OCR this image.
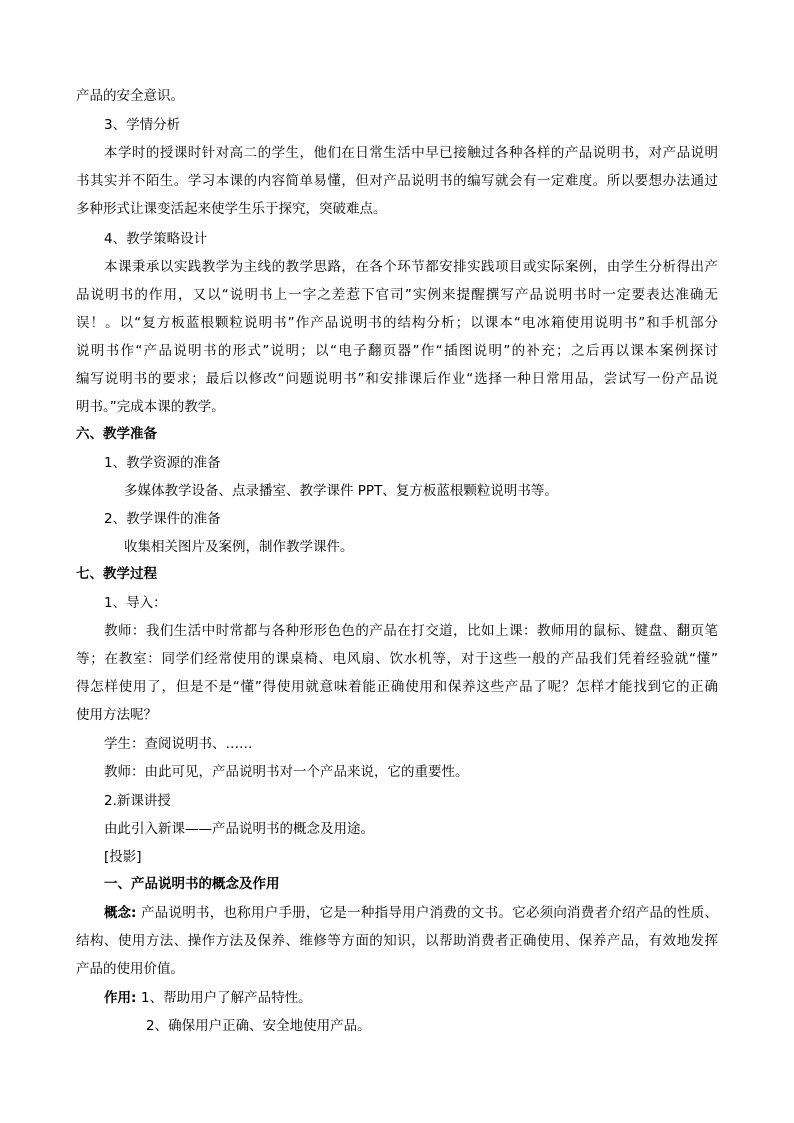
产品的安全意识。
3、学情分析
本学时的授课时针对高二的学生，他们在日常生活中早已接触过各种各样的产品说明书，对产品说明
书其实并不陌生。学习本课的内容简单易懂，但对产品说明书的编写就会有一定难度。所以要想办法通过
多种形式让课变活起来使学生乐于探究，突破难点。
4、教学策略设计
本课秉承以实践教学为主线的教学思路，在各个环节都安排实践项目或实际案例，由学生分析得出产
品说明书的作用，又以“说明书上一字之差惹下官司”实例来提醒撰写产品说明书时一定要表达准确无
误！。以“复方板蓝根颗粒说明书”作产品说明书的结构分析；以课本“电冰箱使用说明书”和手机部分
说明书作“产品说明书的形式”说明；以“电子翻页器”作“插图说明”的补充；之后再以课本案例探讨
编写说明书的要求；最后以修改“问题说明书”和安排课后作业“选择一种日常用品，尝试写一份产品说
明书。”完成本课的教学。
六、教学准备
1、教学资源的准备
多媒体教学设备、点录播室、教学课件 PPT、复方板蓝根颗粒说明书等。
2、教学课件的准备
收集相关图片及案例，制作教学课件。
七、教学过程
1、导入：
教师：我们生活中时常都与各种形形色色的产品在打交道，比如上课：教师用的鼠标、键盘、翻页笔
等；在教室：同学们经常使用的课桌椅、电风扇、饮水机等，对于这些一般的产品我们凭着经验就“懂”
得怎样使用了，但是不是“懂”得使用就意味着能正确使用和保养这些产品了呢？怎样才能找到它的正确
使用方法呢？
学生：查阅说明书、……
教师：由此可见，产品说明书对一个产品来说，它的重要性。
2.新课讲授
由此引入新课——产品说明书的概念及用途。
[投影]
一、产品说明书的概念及作用
概念: 产品说明书，也称用户手册，它是一种指导用户消费的文书。它必须向消费者介绍产品的性质、
结构、使用方法、操作方法及保养、维修等方面的知识，以帮助消费者正确使用、保养产品，有效地发挥
产品的使用价值。
作用: 1、帮助用户了解产品特性。
2、确保用户正确、安全地使用产品。
